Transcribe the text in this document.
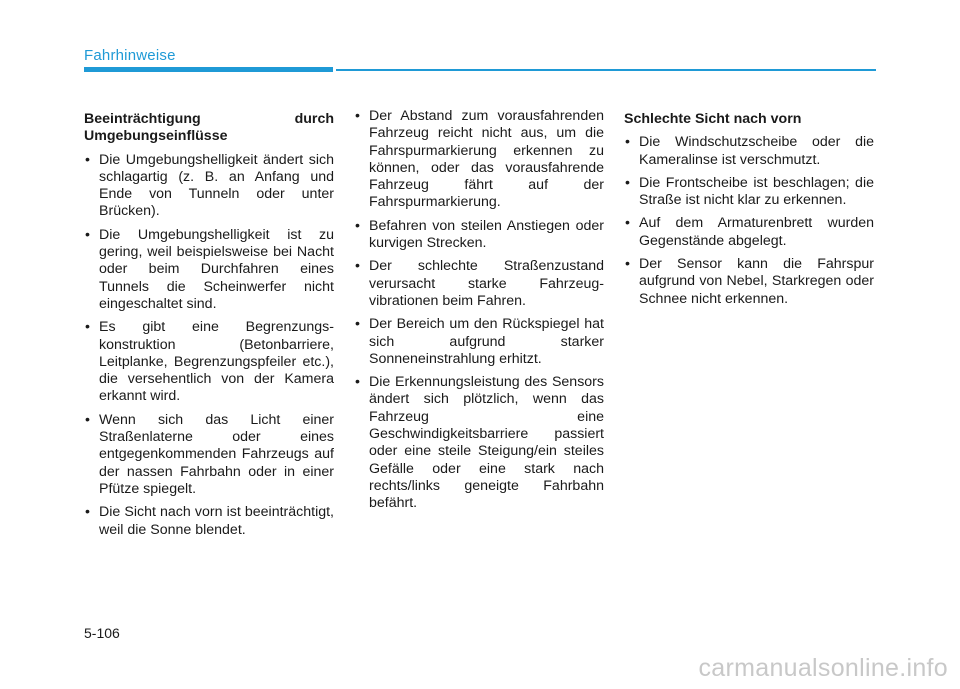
Fahrhinweise
Beeinträchtigung durch Umgebungseinflüsse
• Die Umgebungshelligkeit ändert sich schlagartig (z. B. an Anfang und Ende von Tunneln oder unter Brücken).
• Die Umgebungshelligkeit ist zu gering, weil beispielsweise bei Nacht oder beim Durchfahren eines Tunnels die Scheinwerfer nicht eingeschaltet sind.
• Es gibt eine Begrenzungs-konstruktion (Betonbarriere, Leitplanke, Begrenzungspfeiler etc.), die versehentlich von der Kamera erkannt wird.
• Wenn sich das Licht einer Straßenlaterne oder eines entgegenkommenden Fahrzeugs auf der nassen Fahrbahn oder in einer Pfütze spiegelt.
• Die Sicht nach vorn ist beeinträchtigt, weil die Sonne blendet.
• Der Abstand zum vorausfahrenden Fahrzeug reicht nicht aus, um die Fahrspurmarkierung erkennen zu können, oder das vorausfahrende Fahrzeug fährt auf der Fahrspurmarkierung.
• Befahren von steilen Anstiegen oder kurvigen Strecken.
• Der schlechte Straßenzustand verursacht starke Fahrzeug-vibrationen beim Fahren.
• Der Bereich um den Rückspiegel hat sich aufgrund starker Sonneneinstrahlung erhitzt.
• Die Erkennungsleistung des Sensors ändert sich plötzlich, wenn das Fahrzeug eine Geschwindigkeitsbarriere passiert oder eine steile Steigung/ein steiles Gefälle oder eine stark nach rechts/links geneigte Fahrbahn befährt.
Schlechte Sicht nach vorn
• Die Windschutzscheibe oder die Kameralinse ist verschmutzt.
• Die Frontscheibe ist beschlagen; die Straße ist nicht klar zu erkennen.
• Auf dem Armaturenbrett wurden Gegenstände abgelegt.
• Der Sensor kann die Fahrspur aufgrund von Nebel, Starkregen oder Schnee nicht erkennen.
5-106
carmanualsonline.info
